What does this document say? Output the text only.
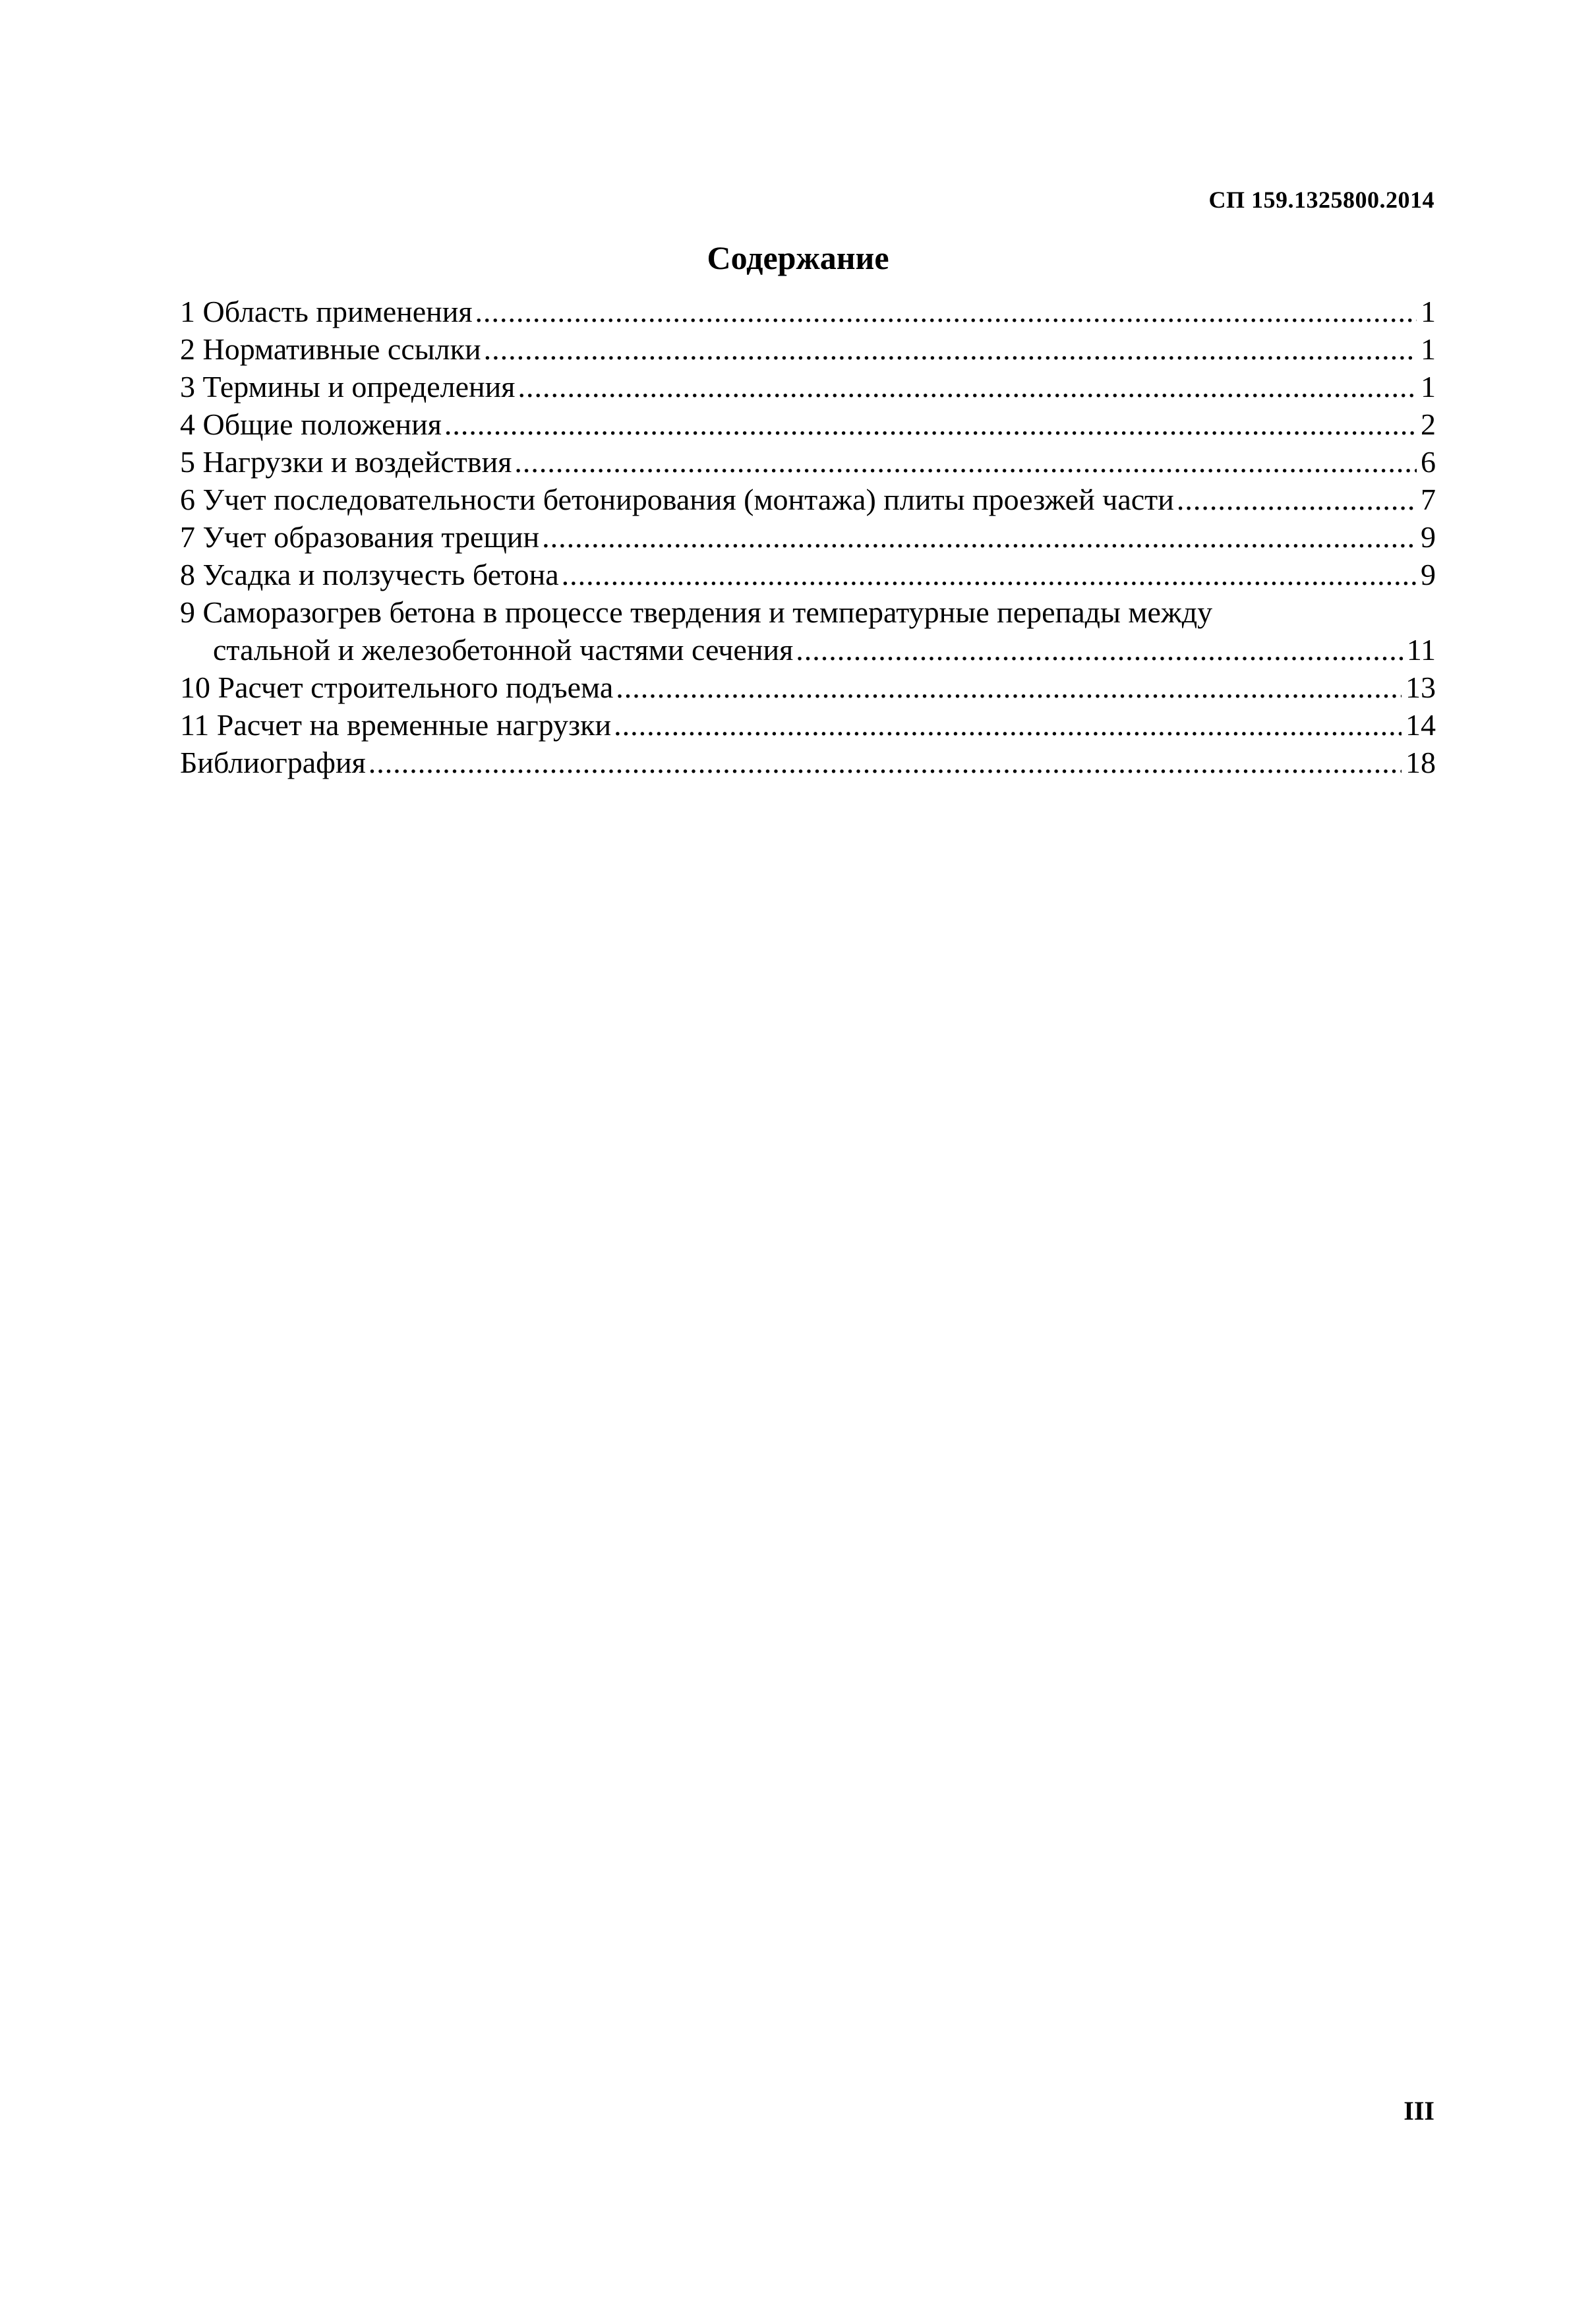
СП 159.1325800.2014
Содержание
1 Область применения .....	1
2 Нормативные ссылки .....	1
3 Термины и определения .....	1
4 Общие положения .....	2
5 Нагрузки и воздействия .....	6
6 Учет последовательности бетонирования (монтажа) плиты проезжей части .....	7
7 Учет образования трещин .....	9
8 Усадка и ползучесть бетона .....	9
9 Саморазогрев бетона в процессе твердения и температурные перепады между
стальной и железобетонной частями сечения .....	11
10 Расчет строительного подъема .....	13
11 Расчет на временные нагрузки .....	14
Библиография .....	18
III
